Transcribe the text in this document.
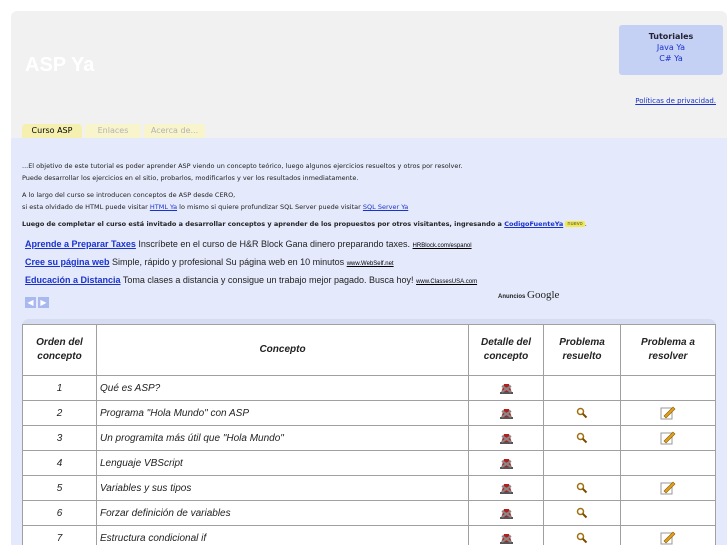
ASP Ya
Tutoriales
Java Ya
C# Ya
Políticas de privacidad.
Curso ASP	Enlaces	Acerca de...
...El objetivo de este tutorial es poder aprender ASP viendo un concepto teórico, luego algunos ejercicios resueltos y otros por resolver.
Puede desarrollar los ejercicios en el sitio, probarlos, modificarlos y ver los resultados inmediatamente.
A lo largo del curso se introducen conceptos de ASP desde CERO,
si esta olvidado de HTML puede visitar HTML Ya lo mismo si quiere profundizar SQL Server puede visitar SQL Server Ya
Luego de completar el curso está invitado a desarrollar conceptos y aprender de los propuestos por otros visitantes, ingresando a CodigoFuenteYa nuevo .
Aprende a Preparar Taxes Inscríbete en el curso de H&R Block Gana dinero preparando taxes. HRBlock.com/espanol
Cree su página web Simple, rápido y profesional Su página web en 10 minutos www.WebSelf.net
Educación a Distancia Toma clases a distancia y consigue un trabajo mejor pagado. Busca hoy! www.ClassesUSA.com
◀ ▶
Anuncios Google
Orden del concepto	Concepto	Detalle del concepto	Problema resuelto	Problema a resolver
1	Qué es ASP?			
2	Programa "Hola Mundo" con ASP			
3	Un programita más útil que "Hola Mundo"			
4	Lenguaje VBScript			
5	Variables y sus tipos			
6	Forzar definición de variables			
7	Estructura condicional if			
